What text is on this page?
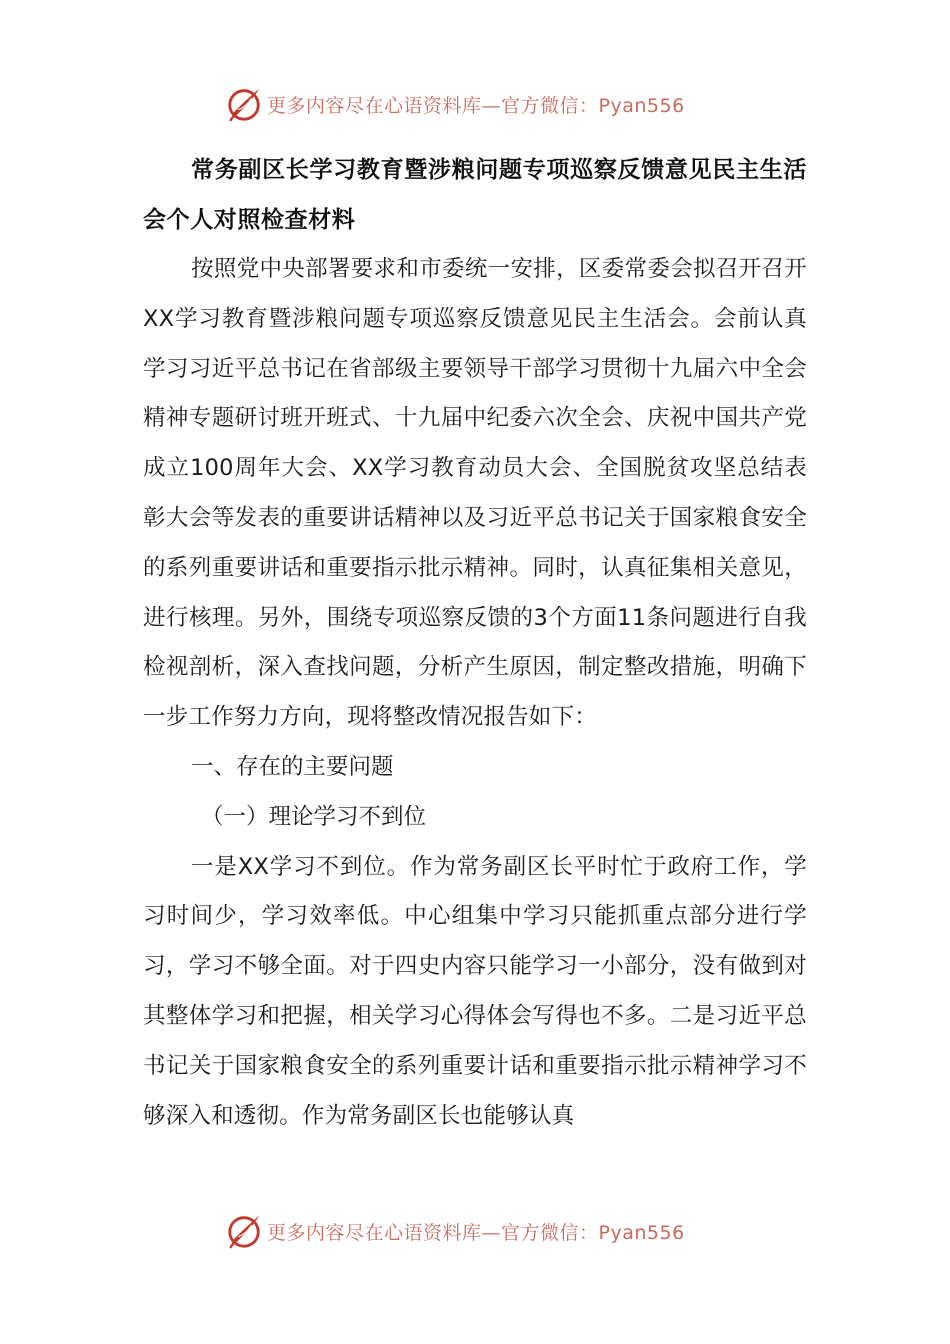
更多内容尽在心语资料库—官方微信：Pyan556

常务副区长学习教育暨涉粮问题专项巡察反馈意见民主生活会个人对照检查材料

按照党中央部署要求和市委统一安排，区委常委会拟召开召开XX学习教育暨涉粮问题专项巡察反馈意见民主生活会。会前认真学习习近平总书记在省部级主要领导干部学习贯彻十九届六中全会精神专题研讨班开班式、十九届中纪委六次全会、庆祝中国共产党成立100周年大会、XX学习教育动员大会、全国脱贫攻坚总结表彰大会等发表的重要讲话精神以及习近平总书记关于国家粮食安全的系列重要讲话和重要指示批示精神。同时，认真征集相关意见，进行核理。另外，围绕专项巡察反馈的3个方面11条问题进行自我检视剖析，深入查找问题，分析产生原因，制定整改措施，明确下一步工作努力方向，现将整改情况报告如下：

一、存在的主要问题

（一）理论学习不到位

一是XX学习不到位。作为常务副区长平时忙于政府工作，学习时间少，学习效率低。中心组集中学习只能抓重点部分进行学习，学习不够全面。对于四史内容只能学习一小部分，没有做到对其整体学习和把握，相关学习心得体会写得也不多。二是习近平总书记关于国家粮食安全的系列重要计话和重要指示批示精神学习不够深入和透彻。作为常务副区长也能够认真

更多内容尽在心语资料库—官方微信：Pyan556
